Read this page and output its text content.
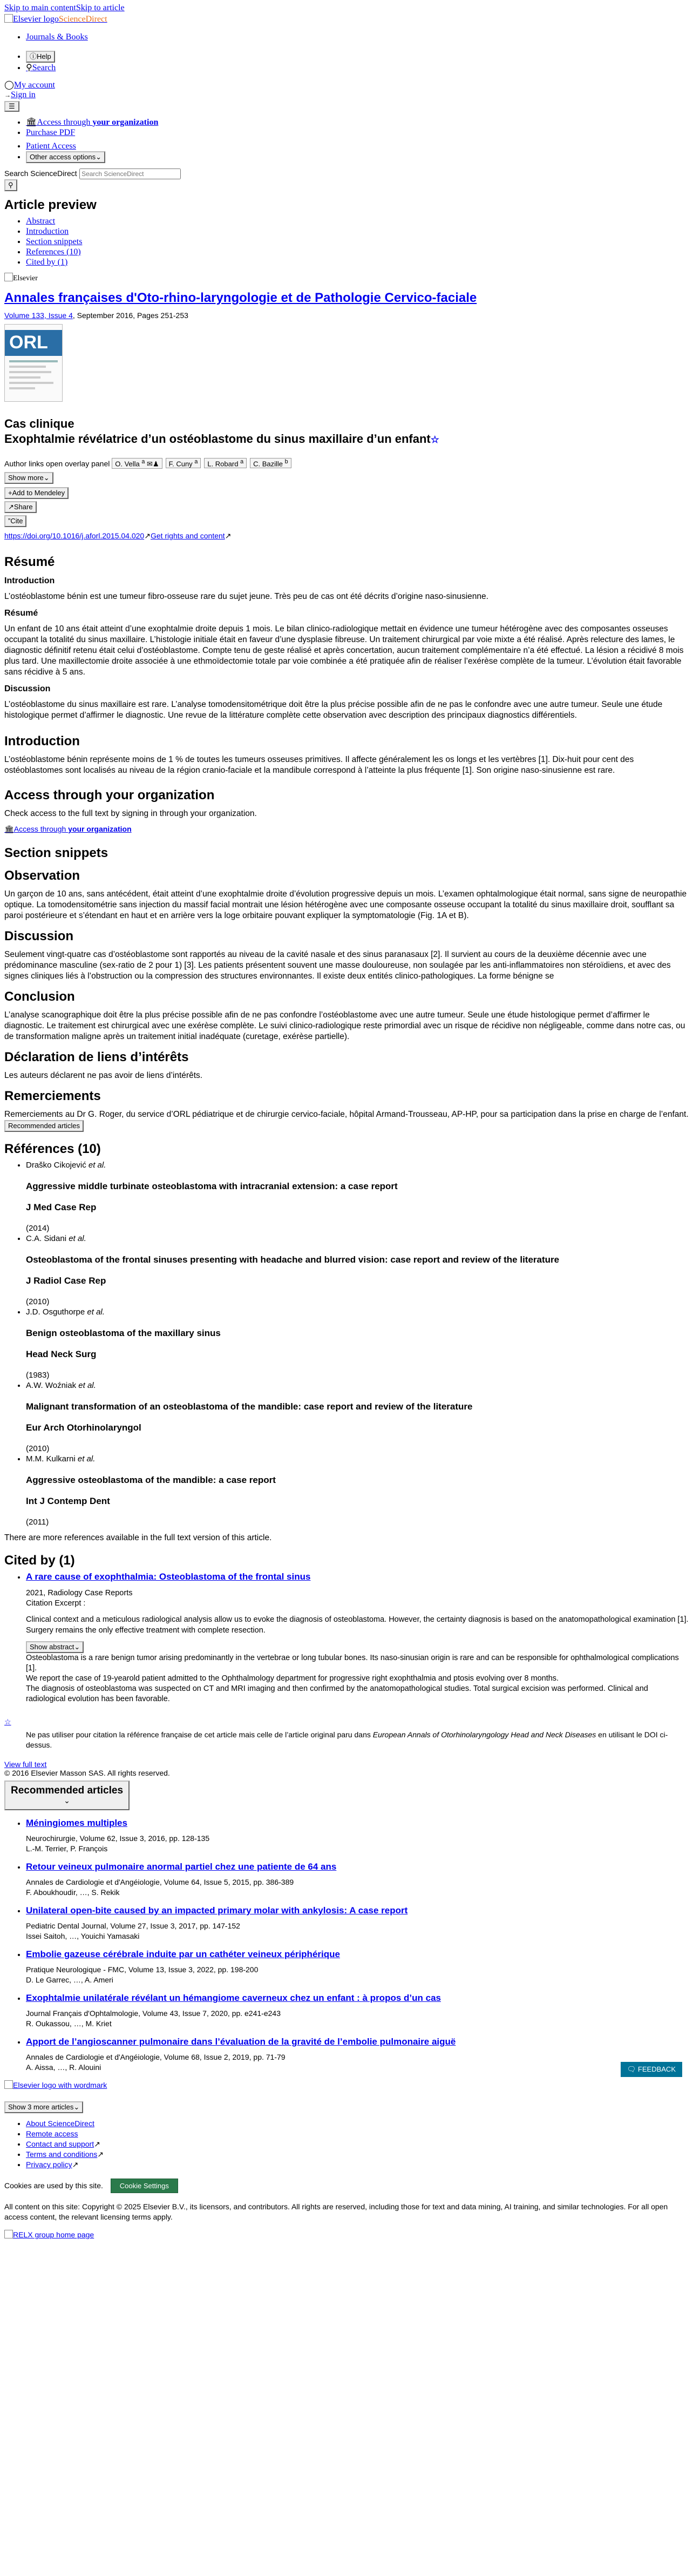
Skip to main contentSkip to article
Elsevier logoScienceDirect
• Journals & Books
• ⓘHelp
• ⚲Search
◯My account
→Sign in
☰
• 🏛Access through your organization
• Purchase PDF
• Patient Access
• Other access options⌄
Search ScienceDirect Search ScienceDirect
⚲
Article preview
• Abstract
• Introduction
• Section snippets
• References (10)
• Cited by (1)
Elsevier
Annales françaises d'Oto-rhino-laryngologie et de Pathologie Cervico-faciale
Volume 133, Issue 4, September 2016, Pages 251-253
ORL
Cas clinique
Exophtalmie révélatrice d’un ostéoblastome du sinus maxillaire d’un enfant☆
Author links open overlay panel O. Vella $^a$ ✉♟ F. Cuny $^a$ L. Robard $^a$ C. Bazille $^b$
Show more⌄
+Add to Mendeley
↗Share
”Cite
https://doi.org/10.1016/j.aforl.2015.04.020↗Get rights and content↗
Résumé
Introduction

L’ostéoblastome bénin est une tumeur fibro-osseuse rare du sujet jeune. Très peu de cas ont été décrits d’origine naso-sinusienne.

Résumé

Un enfant de 10 ans était atteint d’une exophtalmie droite depuis 1 mois. Le bilan clinico-radiologique mettait en évidence une tumeur hétérogène avec des composantes osseuses occupant la totalité du sinus maxillaire. L’histologie initiale était en faveur d’une dysplasie fibreuse. Un traitement chirurgical par voie mixte a été réalisé. Après relecture des lames, le diagnostic définitif retenu était celui d’ostéoblastome. Compte tenu de geste réalisé et après concertation, aucun traitement complémentaire n’a été effectué. La lésion a récidivé 8 mois plus tard. Une maxillectomie droite associée à une ethmoïdectomie totale par voie combinée a été pratiquée afin de réaliser l’exérèse complète de la tumeur. L’évolution était favorable sans récidive à 5 ans.

Discussion

L’ostéoblastome du sinus maxillaire est rare. L’analyse tomodensitométrique doit être la plus précise possible afin de ne pas le confondre avec une autre tumeur. Seule une étude histologique permet d’affirmer le diagnostic. Une revue de la littérature complète cette observation avec description des principaux diagnostics différentiels.

Introduction

L’ostéoblastome bénin représente moins de 1 % de toutes les tumeurs osseuses primitives. Il affecte généralement les os longs et les vertèbres [1]. Dix-huit pour cent des ostéoblastomes sont localisés au niveau de la région cranio-faciale et la mandibule correspond à l’atteinte la plus fréquente [1]. Son origine naso-sinusienne est rare.

Access through your organization

Check access to the full text by signing in through your organization.

🏛Access through your organization
Section snippets
Observation

Un garçon de 10 ans, sans antécédent, était atteint d’une exophtalmie droite d’évolution progressive depuis un mois. L’examen ophtalmologique était normal, sans signe de neuropathie optique. La tomodensitométrie sans injection du massif facial montrait une lésion hétérogène avec une composante osseuse occupant la totalité du sinus maxillaire droit, soufflant sa paroi postérieure et s’étendant en haut et en arrière vers la loge orbitaire pouvant expliquer la symptomatologie (Fig. 1A et B).

Discussion

Seulement vingt-quatre cas d’ostéoblastome sont rapportés au niveau de la cavité nasale et des sinus paranasaux [2]. Il survient au cours de la deuxième décennie avec une prédominance masculine (sex-ratio de 2 pour 1) [3]. Les patients présentent souvent une masse douloureuse, non soulagée par les anti-inflammatoires non stéroïdiens, et avec des signes cliniques liés à l’obstruction ou la compression des structures environnantes. Il existe deux entités clinico-pathologiques. La forme bénigne se

Conclusion

L’analyse scanographique doit être la plus précise possible afin de ne pas confondre l’ostéoblastome avec une autre tumeur. Seule une étude histologique permet d’affirmer le diagnostic. Le traitement est chirurgical avec une exérèse complète. Le suivi clinico-radiologique reste primordial avec un risque de récidive non négligeable, comme dans notre cas, ou de transformation maligne après un traitement initial inadéquate (curetage, exérèse partielle).

Déclaration de liens d’intérêts

Les auteurs déclarent ne pas avoir de liens d’intérêts.

Remerciements

Remerciements au Dr G. Roger, du service d’ORL pédiatrique et de chirurgie cervico-faciale, hôpital Armand-Trousseau, AP-HP, pour sa participation dans la prise en charge de l’enfant.

Recommended articles
Références (10)
• Draško Cikojević et al.
Aggressive middle turbinate osteoblastoma with intracranial extension: a case report
J Med Case Rep
(2014)
• C.A. Sidani et al.
Osteoblastoma of the frontal sinuses presenting with headache and blurred vision: case report and review of the literature
J Radiol Case Rep
(2010)
• J.D. Osguthorpe et al.
Benign osteoblastoma of the maxillary sinus
Head Neck Surg
(1983)
• A.W. Woźniak et al.
Malignant transformation of an osteoblastoma of the mandible: case report and review of the literature
Eur Arch Otorhinolaryngol
(2010)
• M.M. Kulkarni et al.
Aggressive osteoblastoma of the mandible: a case report
Int J Contemp Dent
(2011)

There are more references available in the full text version of this article.

Cited by (1)
• A rare cause of exophthalmia: Osteoblastoma of the frontal sinus
2021, Radiology Case Reports
Citation Excerpt :

Clinical context and a meticulous radiological analysis allow us to evoke the diagnosis of osteoblastoma. However, the certainty diagnosis is based on the anatomopathological examination [1]. Surgery remains the only effective treatment with complete resection.

Show abstract⌄
Osteoblastoma is a rare benign tumor arising predominantly in the vertebrae or long tubular bones. Its naso-sinusian origin is rare and can be responsible for ophthalmological complications [1].
We report the case of 19-yearold patient admitted to the Ophthalmology department for progressive right exophthalmia and ptosis evolving over 8 months.
The diagnosis of osteoblastoma was suspected on CT and MRI imaging and then confirmed by the anatomopathological studies. Total surgical excision was performed. Clinical and radiological evolution has been favorable.
☆
Ne pas utiliser pour citation la référence française de cet article mais celle de l’article original paru dans European Annals of Otorhinolaryngology Head and Neck Diseases en utilisant le DOI ci-dessus.
View full text
© 2016 Elsevier Masson SAS. All rights reserved.
Recommended articles
⌄
• Méningiomes multiples
Neurochirurgie, Volume 62, Issue 3, 2016, pp. 128-135
L.-M. Terrier, P. François
• Retour veineux pulmonaire anormal partiel chez une patiente de 64 ans
Annales de Cardiologie et d'Angéiologie, Volume 64, Issue 5, 2015, pp. 386-389
F. Aboukhoudir, …, S. Rekik
• Unilateral open-bite caused by an impacted primary molar with ankylosis: A case report
Pediatric Dental Journal, Volume 27, Issue 3, 2017, pp. 147-152
Issei Saitoh, …, Youichi Yamasaki
• Embolie gazeuse cérébrale induite par un cathéter veineux périphérique
Pratique Neurologique - FMC, Volume 13, Issue 3, 2022, pp. 198-200
D. Le Garrec, …, A. Ameri
• Exophtalmie unilatérale révélant un hémangiome caverneux chez un enfant : à propos d’un cas
Journal Français d'Ophtalmologie, Volume 43, Issue 7, 2020, pp. e241-e243
R. Oukassou, …, M. Kriet
• Apport de l’angioscanner pulmonaire dans l’évaluation de la gravité de l’embolie pulmonaire aiguë
Annales de Cardiologie et d'Angéiologie, Volume 68, Issue 2, 2019, pp. 71-79
A. Aissa, …, R. Alouini
Elsevier logo with wordmark
Show 3 more articles⌄
• About ScienceDirect
• Remote access
• Contact and support↗
• Terms and conditions↗
• Privacy policy↗
Cookies are used by this site. Cookie Settings
All content on this site: Copyright © 2025 Elsevier B.V., its licensors, and contributors. All rights are reserved, including those for text and data mining, AI training, and similar technologies. For all open access content, the relevant licensing terms apply.
RELX group home page
🗨 FEEDBACK
